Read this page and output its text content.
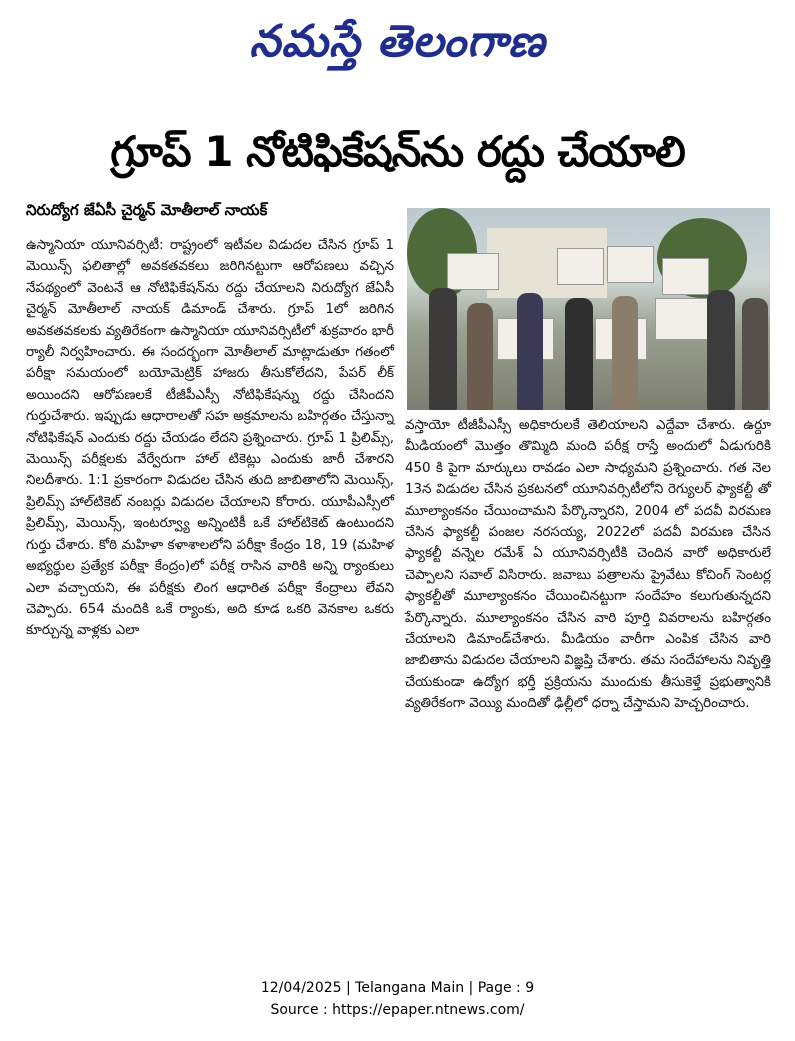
నమస్తే తెలంగాణ
గ్రూప్ 1 నోటిఫికేషన్‌ను రద్దు చేయాలి
నిరుద్యోగ జేఏసీ చైర్మన్ మోతీలాల్ నాయక్
ఉస్మానియా యూనివర్సిటీ: రాష్ట్రంలో ఇటీవల విడుదల చేసిన గ్రూప్ 1 మెయిన్స్ ఫలితాల్లో అవకతవకలు జరిగినట్టుగా ఆరోపణలు వచ్చిన నేపథ్యంలో వెంటనే ఆ నోటిఫికేషన్‌ను రద్దు చేయాలని నిరుద్యోగ జేఏసీ చైర్మన్ మోతీలాల్ నాయక్ డిమాండ్ చేశారు. గ్రూప్ 1లో జరిగిన అవకతవకలకు వ్యతిరేకంగా ఉస్మానియా యూనివర్సిటీలో శుక్రవారం భారీ ర్యాలీ నిర్వహించారు. ఈ సందర్భంగా మోతీలాల్ మాట్లాడుతూ గతంలో పరీక్షా సమయంలో బయోమెట్రిక్ హాజరు తీసుకోలేదని, పేపర్ లీక్ అయిందని ఆరోపణలకే టీజీపీఎస్సీ నోటిఫికేషన్ను రద్దు చేసిందని గుర్తుచేశారు. ఇప్పుడు ఆధారాలతో సహ అక్రమాలను బహిర్గతం చేస్తున్నా నోటిఫికేషన్ ఎందుకు రద్దు చేయడం లేదని ప్రశ్నించారు. గ్రూప్ 1 ప్రిలిమ్స్, మెయిన్స్ పరీక్షలకు వేర్వేరుగా హాల్ టికెట్లు ఎందుకు జారీ చేశారని నిలదీశారు. 1:1 ప్రకారంగా విడుదల చేసిన తుది జాబితాలోని మెయిన్స్, ప్రిలిమ్స్ హాల్‌టికెట్ నంబర్లు విడుదల చేయాలని కోరారు. యూపీఎస్సీలో ప్రిలిమ్స్, మెయిన్స్, ఇంటర్వ్యూ అన్నింటికీ ఒకే హాల్‌టికెట్ ఉంటుందని గుర్తు చేశారు. కోఠి మహిళా కళాశాలలోని పరీక్షా కేంద్రం 18, 19 (మహిళ అభ్యర్థుల ప్రత్యేక పరీక్షా కేంద్రం)లో పరీక్ష రాసిన వారికి అన్ని ర్యాంకులు ఎలా వచ్చాయని, ఈ పరీక్షకు లింగ ఆధారిత పరీక్షా కేంద్రాలు లేవని చెప్పారు. 654 మందికి ఒకే ర్యాంకు, అది కూడ ఒకరి వెనకాల ఒకరు కూర్చున్న వాళ్లకు ఎలా
వస్తాయో టీజీపీఎస్సీ అధికారులకే తెలియాలని ఎద్దేవా చేశారు. ఉర్దూ మీడియంలో మొత్తం తొమ్మిది మంది పరీక్ష రాస్తే అందులో ఏడుగురికి 450 కి పైగా మార్కులు రావడం ఎలా సాధ్యమని ప్రశ్నించారు. గత నెల 13న విడుదల చేసిన ప్రకటనలో యూనివర్సిటీలోని రెగ్యులర్ ఫ్యాకల్టీ తో మూల్యాంకనం చేయించామని పేర్కొన్నారని, 2004 లో పదవీ విరమణ చేసిన ఫ్యాకల్టీ పంజల నరసయ్య, 2022లో పదవీ విరమణ చేసిన ఫ్యాకల్టీ వన్నెల రమేశ్ ఏ యూనివర్సిటీకి చెందిన వారో అధికారులే చెప్పాలని సవాల్ విసిరారు. జవాబు పత్రాలను ప్రైవేటు కోచింగ్ సెంటర్ల ఫ్యాకల్టీతో మూల్యాంకనం చేయించినట్టుగా సందేహం కలుగుతున్నదని పేర్కొన్నారు. మూల్యాంకనం చేసిన వారి పూర్తి వివరాలను బహిర్గతం చేయాలని డిమాండ్‌చేశారు. మీడియం వారీగా ఎంపిక చేసిన వారి జాబితాను విడుదల చేయాలని విజ్ఞప్తి చేశారు. తమ సందేహాలను నివృత్తి చేయకుండా ఉద్యోగ భర్తీ ప్రక్రియను ముందుకు తీసుకెళ్తే ప్రభుత్వానికి వ్యతిరేకంగా వెయ్యి మందితో ఢిల్లీలో ధర్నా చేస్తామని హెచ్చరించారు.
12/04/2025 | Telangana Main | Page : 9
Source : https://epaper.ntnews.com/
